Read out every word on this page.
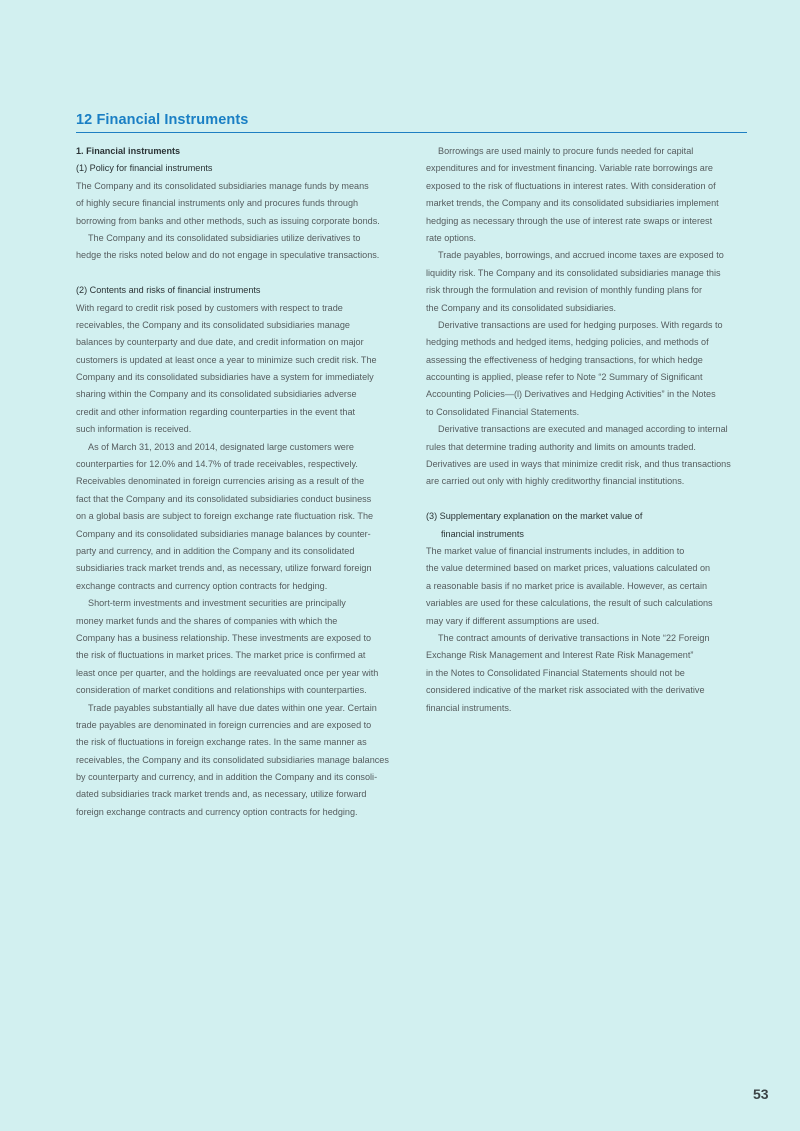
12 Financial Instruments
1. Financial instruments
(1) Policy for financial instruments
The Company and its consolidated subsidiaries manage funds by means
of highly secure financial instruments only and procures funds through
borrowing from banks and other methods, such as issuing corporate bonds.
The Company and its consolidated subsidiaries utilize derivatives to
hedge the risks noted below and do not engage in speculative transactions.
(2) Contents and risks of financial instruments
With regard to credit risk posed by customers with respect to trade
receivables, the Company and its consolidated subsidiaries manage
balances by counterparty and due date, and credit information on major
customers is updated at least once a year to minimize such credit risk. The
Company and its consolidated subsidiaries have a system for immediately
sharing within the Company and its consolidated subsidiaries adverse
credit and other information regarding counterparties in the event that
such information is received.
As of March 31, 2013 and 2014, designated large customers were
counterparties for 12.0% and 14.7% of trade receivables, respectively.
Receivables denominated in foreign currencies arising as a result of the
fact that the Company and its consolidated subsidiaries conduct business
on a global basis are subject to foreign exchange rate fluctuation risk. The
Company and its consolidated subsidiaries manage balances by counter-
party and currency, and in addition the Company and its consolidated
subsidiaries track market trends and, as necessary, utilize forward foreign
exchange contracts and currency option contracts for hedging.
Short-term investments and investment securities are principally
money market funds and the shares of companies with which the
Company has a business relationship. These investments are exposed to
the risk of fluctuations in market prices. The market price is confirmed at
least once per quarter, and the holdings are reevaluated once per year with
consideration of market conditions and relationships with counterparties.
Trade payables substantially all have due dates within one year. Certain
trade payables are denominated in foreign currencies and are exposed to
the risk of fluctuations in foreign exchange rates. In the same manner as
receivables, the Company and its consolidated subsidiaries manage balances
by counterparty and currency, and in addition the Company and its consoli-
dated subsidiaries track market trends and, as necessary, utilize forward
foreign exchange contracts and currency option contracts for hedging.
Borrowings are used mainly to procure funds needed for capital
expenditures and for investment financing. Variable rate borrowings are
exposed to the risk of fluctuations in interest rates. With consideration of
market trends, the Company and its consolidated subsidiaries implement
hedging as necessary through the use of interest rate swaps or interest
rate options.
Trade payables, borrowings, and accrued income taxes are exposed to
liquidity risk. The Company and its consolidated subsidiaries manage this
risk through the formulation and revision of monthly funding plans for
the Company and its consolidated subsidiaries.
Derivative transactions are used for hedging purposes. With regards to
hedging methods and hedged items, hedging policies, and methods of
assessing the effectiveness of hedging transactions, for which hedge
accounting is applied, please refer to Note “2 Summary of Significant
Accounting Policies—(l) Derivatives and Hedging Activities” in the Notes
to Consolidated Financial Statements.
Derivative transactions are executed and managed according to internal
rules that determine trading authority and limits on amounts traded.
Derivatives are used in ways that minimize credit risk, and thus transactions
are carried out only with highly creditworthy financial institutions.
(3) Supplementary explanation on the market value of
financial instruments
The market value of financial instruments includes, in addition to
the value determined based on market prices, valuations calculated on
a reasonable basis if no market price is available. However, as certain
variables are used for these calculations, the result of such calculations
may vary if different assumptions are used.
The contract amounts of derivative transactions in Note “22 Foreign
Exchange Risk Management and Interest Rate Risk Management”
in the Notes to Consolidated Financial Statements should not be
considered indicative of the market risk associated with the derivative
financial instruments.
53
